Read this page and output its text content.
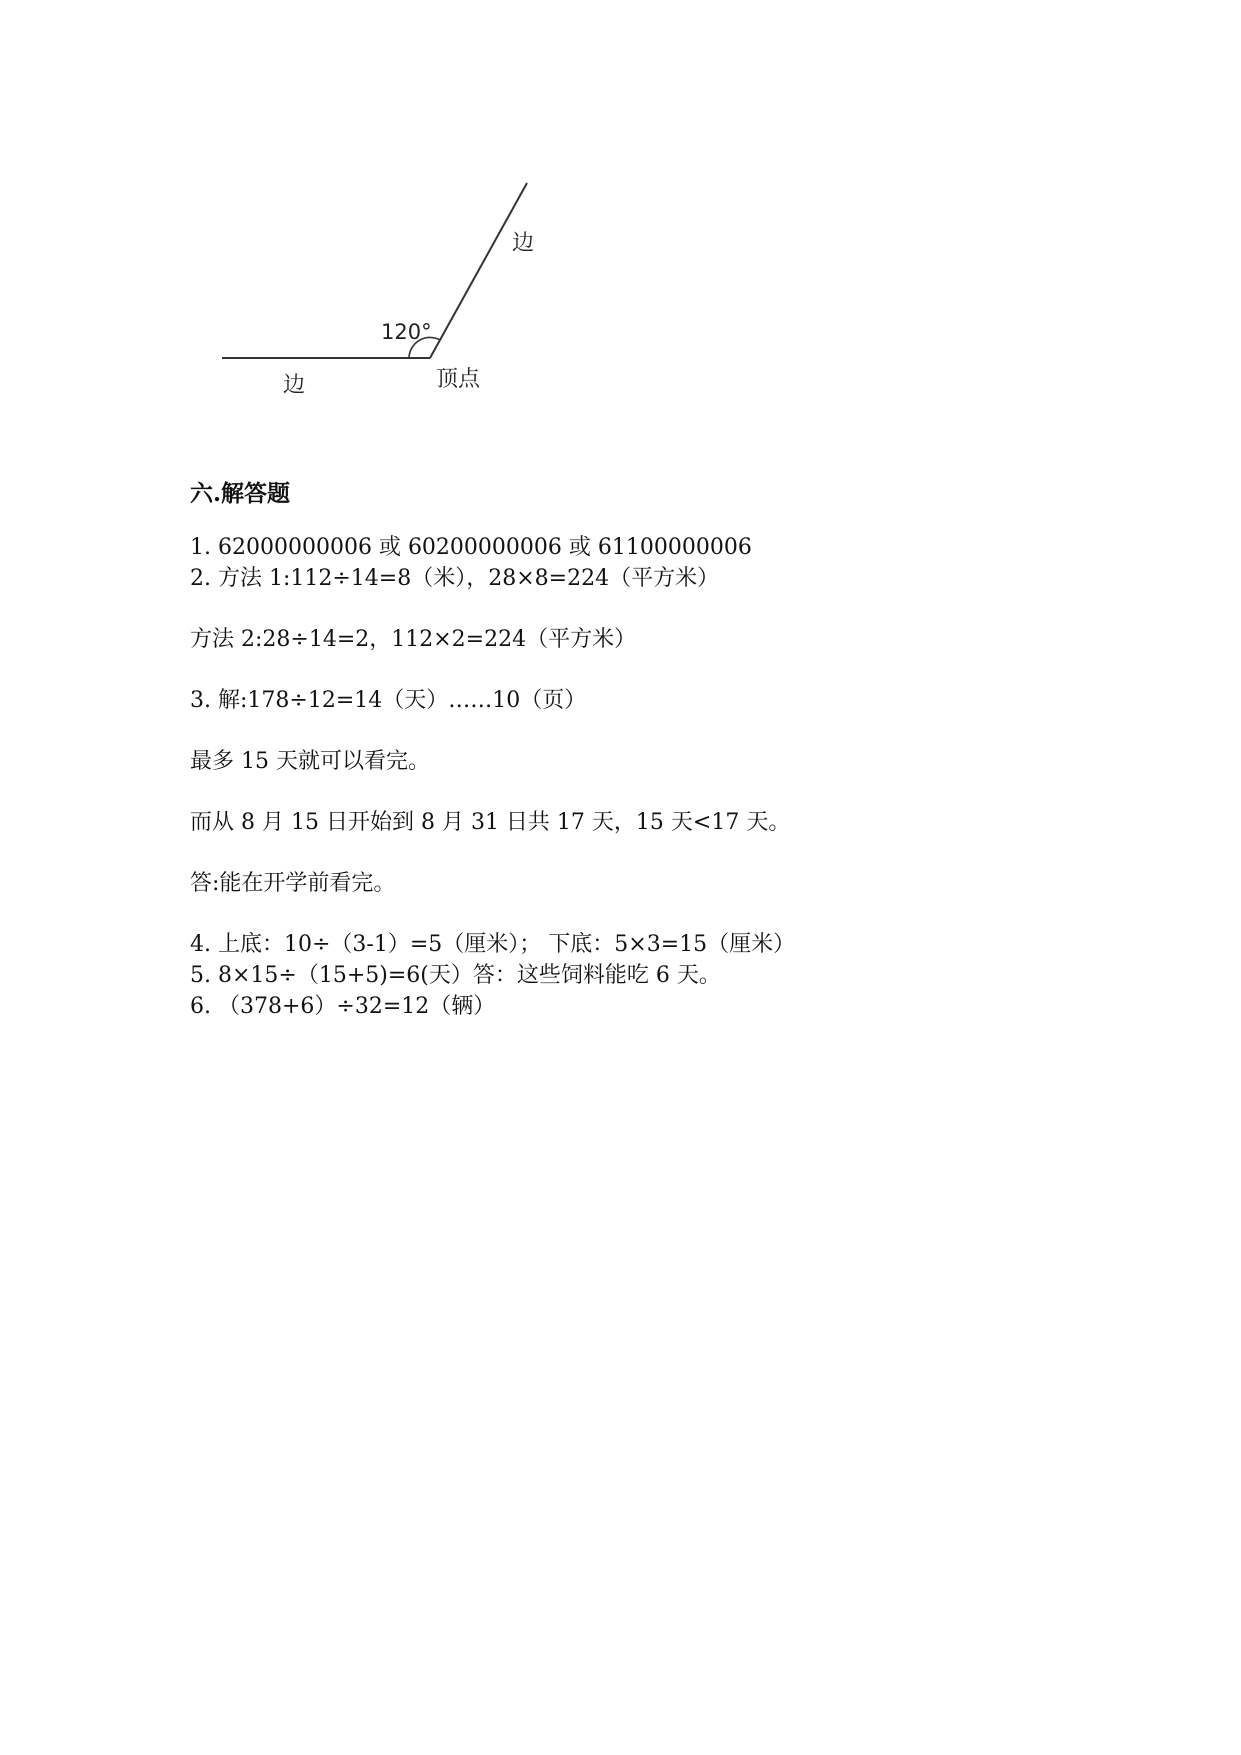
边
边
120°
顶点
六.解答题
1. 62000000006 或 60200000006 或 61100000006
2. 方法 1:112÷14=8（米），28×8=224（平方米）
方法 2:28÷14=2，112×2=224（平方米）
3. 解:178÷12=14（天）……10（页）
最多 15 天就可以看完。
而从 8 月 15 日开始到 8 月 31 日共 17 天，15 天<17 天。
答:能在开学前看完。
4. 上底：10÷（3-1）=5（厘米）； 下底：5×3=15（厘米）
5. 8×15÷（15+5)=6(天）答：这些饲料能吃 6 天。
6. （378+6）÷32=12（辆）
